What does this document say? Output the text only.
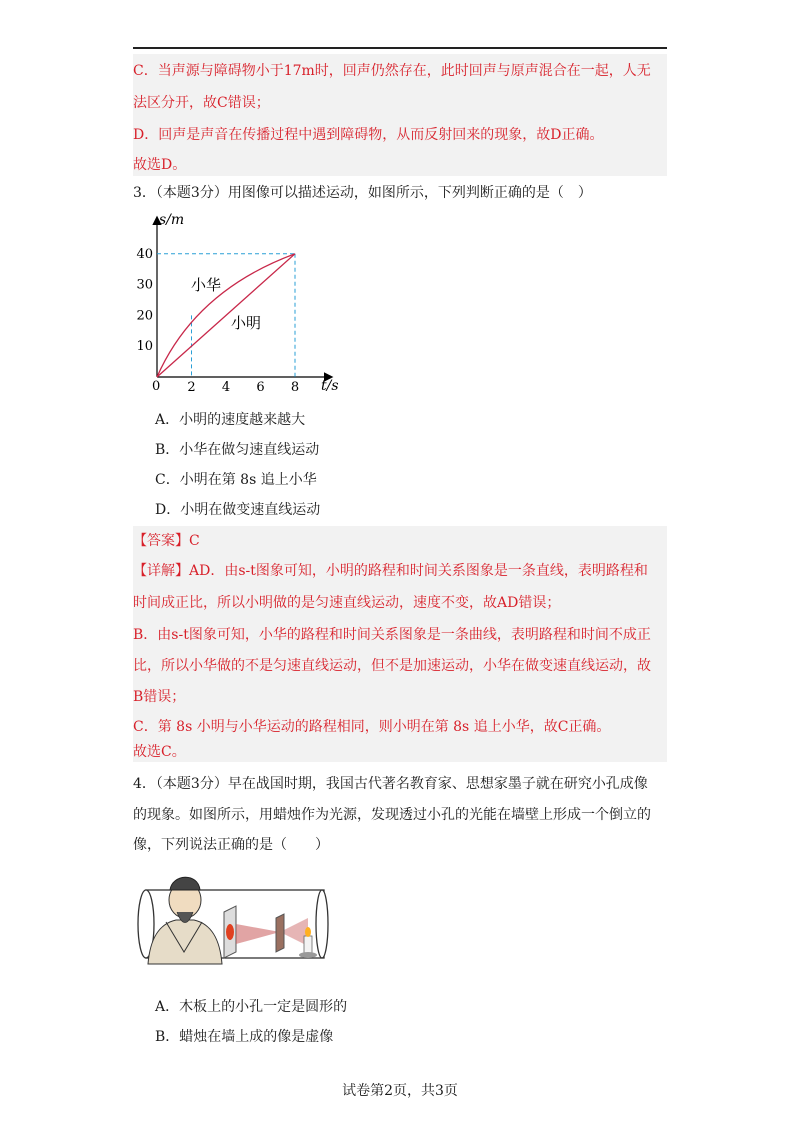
C．当声源与障碍物小于17m时，回声仍然存在，此时回声与原声混合在一起，人无
法区分开，故C错误；
D．回声是声音在传播过程中遇到障碍物，从而反射回来的现象，故D正确。
故选D。
3．（本题3分）用图像可以描述运动，如图所示，下列判断正确的是（　）
10
20
30
40
2 4 6 8
s/m
t/s
0
小华
小明
A．小明的速度越来越大
B．小华在做匀速直线运动
C．小明在第 8s 追上小华
D．小明在做变速直线运动
【答案】C
【详解】AD．由s-t图象可知，小明的路程和时间关系图象是一条直线，表明路程和
时间成正比，所以小明做的是匀速直线运动，速度不变，故AD错误；
B．由s-t图象可知，小华的路程和时间关系图象是一条曲线，表明路程和时间不成正
比，所以小华做的不是匀速直线运动，但不是加速运动，小华在做变速直线运动，故
B错误；
C．第 8s 小明与小华运动的路程相同，则小明在第 8s 追上小华，故C正确。
故选C。
4．（本题3分）早在战国时期，我国古代著名教育家、思想家墨子就在研究小孔成像
的现象。如图所示，用蜡烛作为光源，发现透过小孔的光能在墙壁上形成一个倒立的
像，下列说法正确的是（　　）
A．木板上的小孔一定是圆形的
B．蜡烛在墙上成的像是虚像
试卷第2页，共3页
